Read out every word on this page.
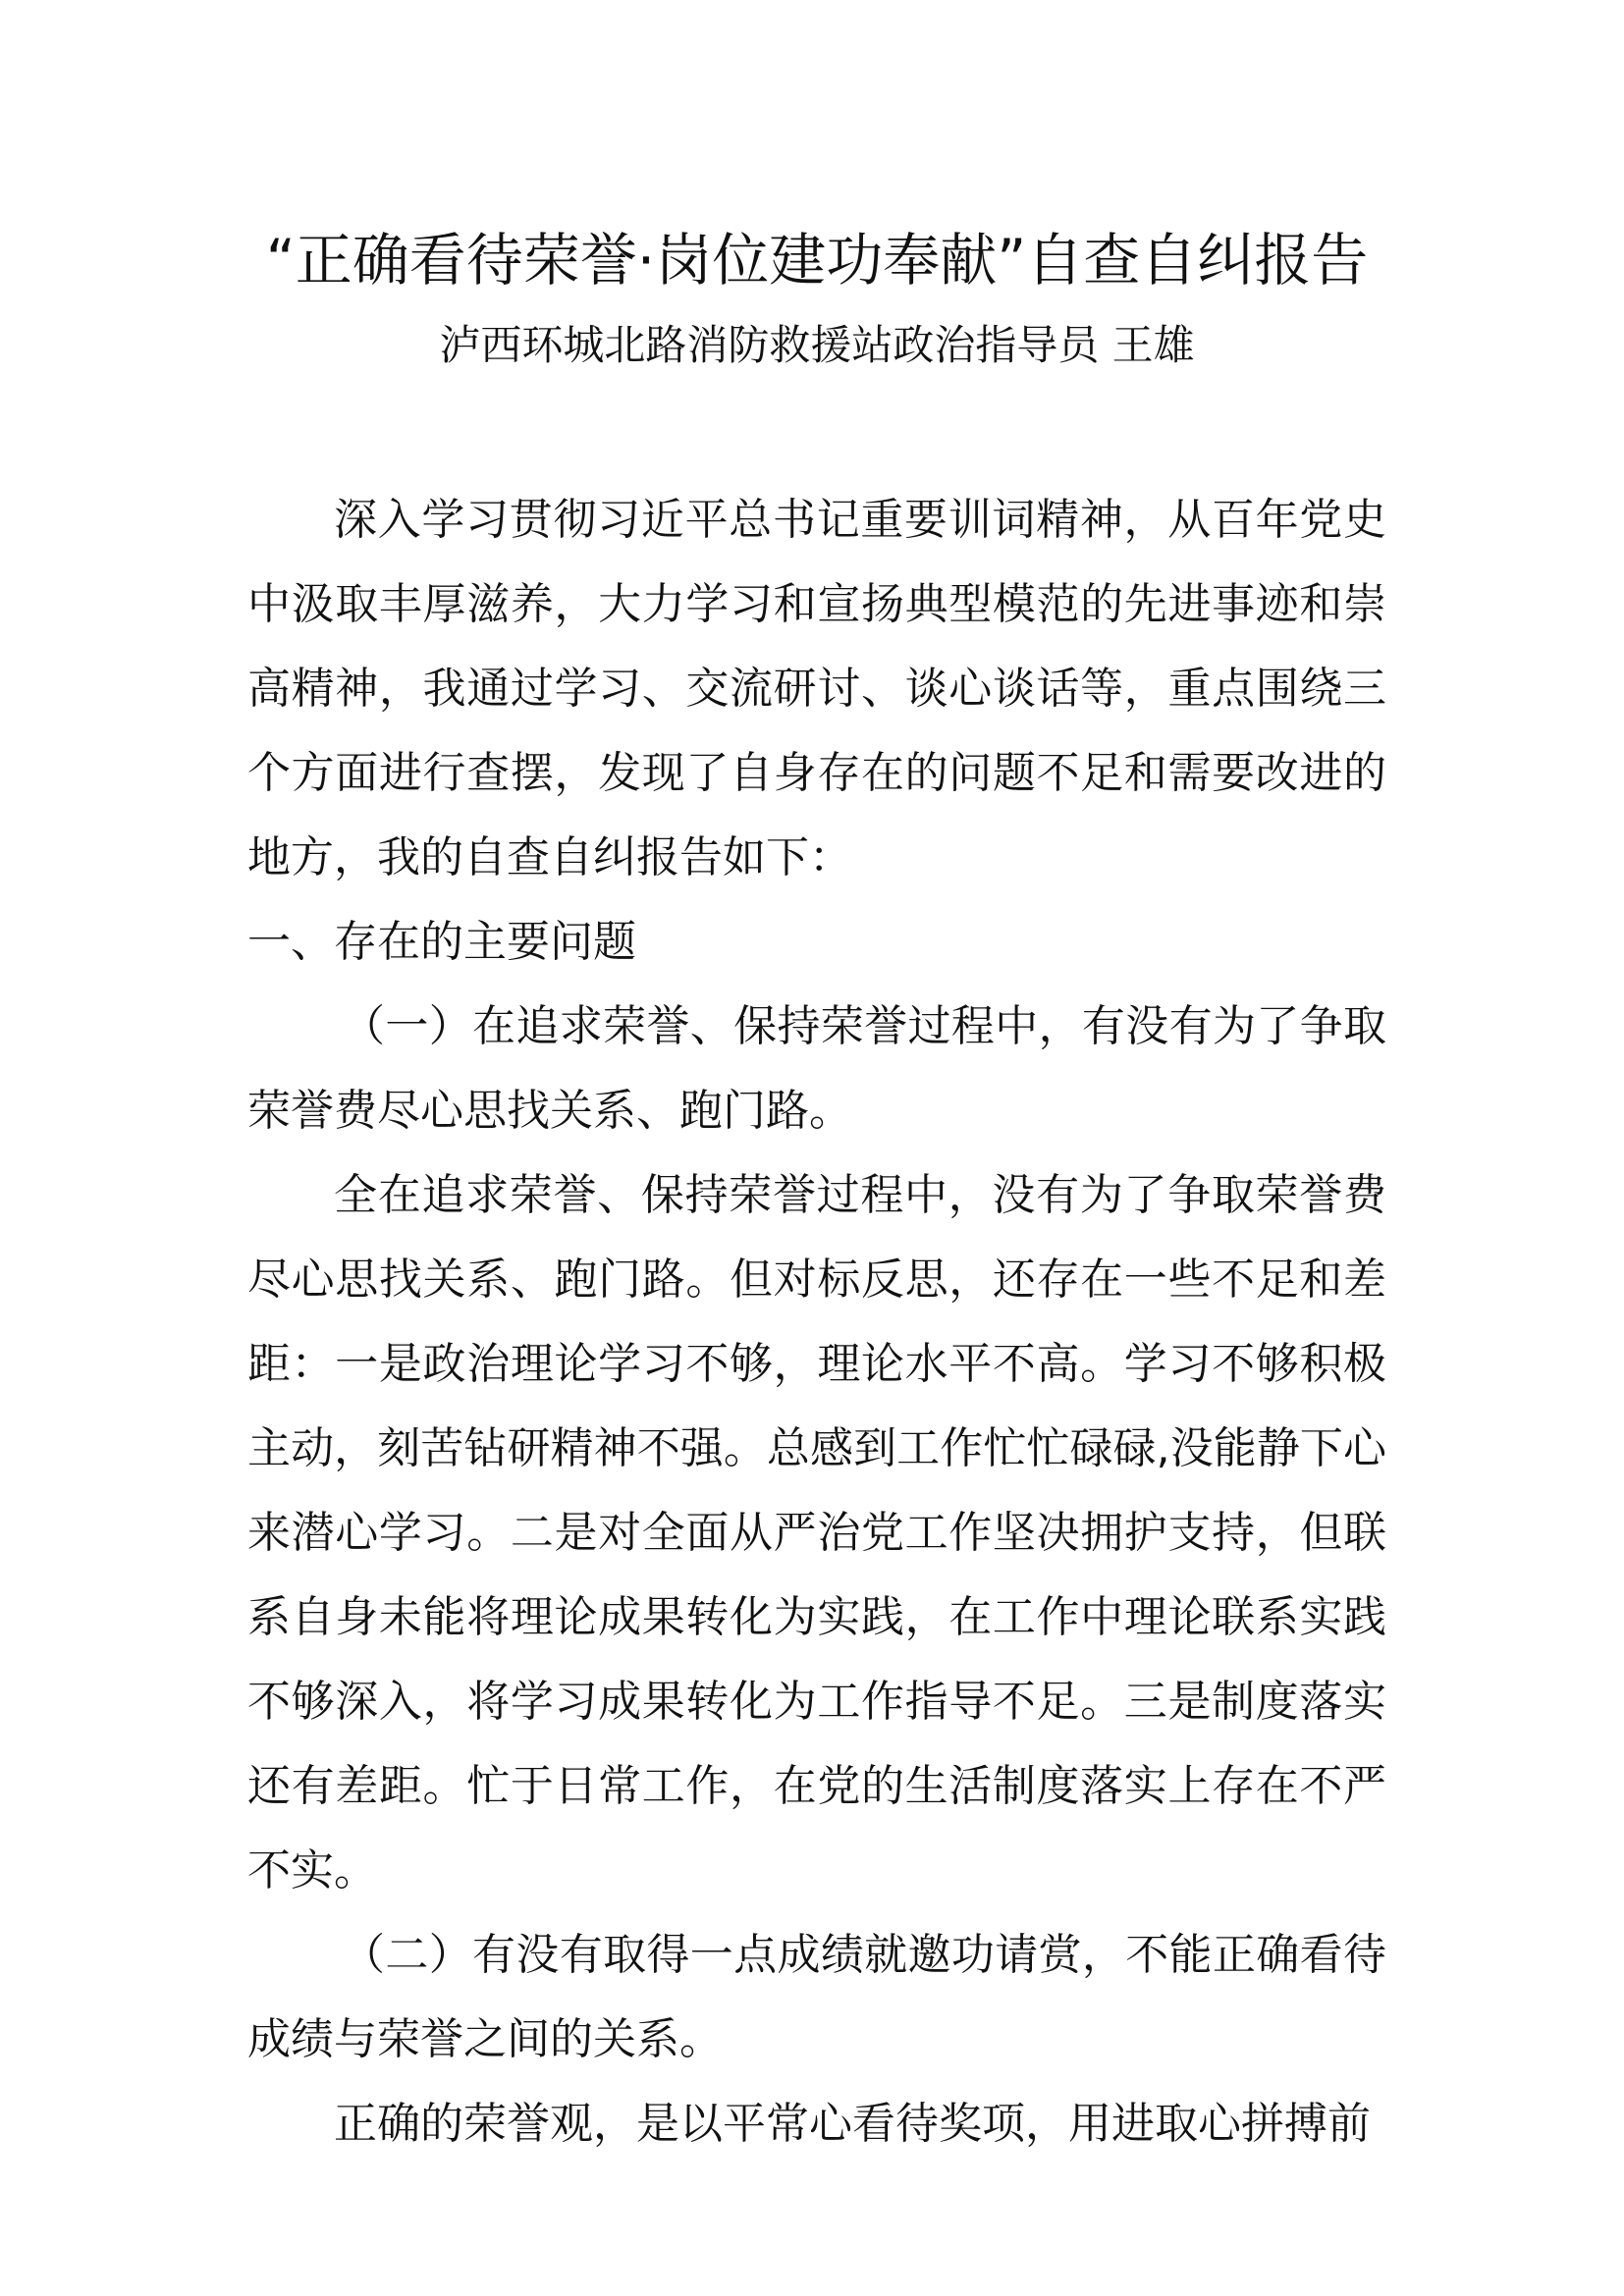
“正确看待荣誉·岗位建功奉献”自查自纠报告

泸西环城北路消防救援站政治指导员 王雄

深入学习贯彻习近平总书记重要训词精神，从百年党史中汲取丰厚滋养，大力学习和宣扬典型模范的先进事迹和崇高精神，我通过学习、交流研讨、谈心谈话等，重点围绕三个方面进行查摆，发现了自身存在的问题不足和需要改进的地方，我的自查自纠报告如下：

一、存在的主要问题

（一）在追求荣誉、保持荣誉过程中，有没有为了争取荣誉费尽心思找关系、跑门路。

全在追求荣誉、保持荣誉过程中，没有为了争取荣誉费尽心思找关系、跑门路。但对标反思，还存在一些不足和差距：一是政治理论学习不够，理论水平不高。学习不够积极主动，刻苦钻研精神不强。总感到工作忙忙碌碌,没能静下心来潜心学习。二是对全面从严治党工作坚决拥护支持，但联系自身未能将理论成果转化为实践，在工作中理论联系实践不够深入，将学习成果转化为工作指导不足。三是制度落实还有差距。忙于日常工作，在党的生活制度落实上存在不严不实。

（二）有没有取得一点成绩就邀功请赏，不能正确看待成绩与荣誉之间的关系。

正确的荣誉观，是以平常心看待奖项，用进取心拼搏前
